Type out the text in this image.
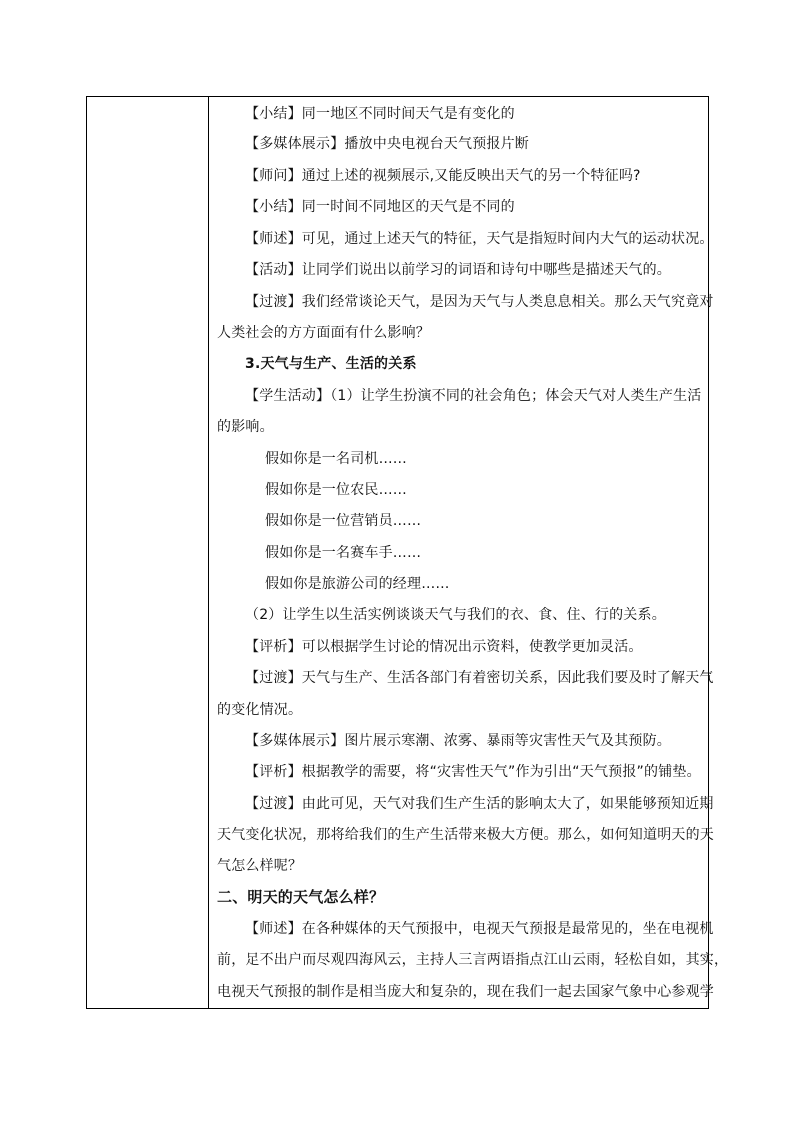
【小结】同一地区不同时间天气是有变化的
【多媒体展示】播放中央电视台天气预报片断
【师问】通过上述的视频展示,又能反映出天气的另一个特征吗?
【小结】同一时间不同地区的天气是不同的
【师述】可见，通过上述天气的特征，天气是指短时间内大气的运动状况。
【活动】让同学们说出以前学习的词语和诗句中哪些是描述天气的。
【过渡】我们经常谈论天气，是因为天气与人类息息相关。那么天气究竟对
人类社会的方方面面有什么影响？
3.天气与生产、生活的关系
【学生活动】（1）让学生扮演不同的社会角色；体会天气对人类生产生活
的影响。
假如你是一名司机……
假如你是一位农民……
假如你是一位营销员……
假如你是一名赛车手……
假如你是旅游公司的经理……
（2）让学生以生活实例谈谈天气与我们的衣、食、住、行的关系。
【评析】可以根据学生讨论的情况出示资料，使教学更加灵活。
【过渡】天气与生产、生活各部门有着密切关系，因此我们要及时了解天气
的变化情况。
【多媒体展示】图片展示寒潮、浓雾、暴雨等灾害性天气及其预防。
【评析】根据教学的需要，将“灾害性天气”作为引出“天气预报”的铺垫。
【过渡】由此可见，天气对我们生产生活的影响太大了，如果能够预知近期
天气变化状况，那将给我们的生产生活带来极大方便。那么，如何知道明天的天
气怎么样呢？
二、明天的天气怎么样？
【师述】在各种媒体的天气预报中，电视天气预报是最常见的，坐在电视机
前，足不出户而尽观四海风云，主持人三言两语指点江山云雨，轻松自如，其实，
电视天气预报的制作是相当庞大和复杂的，现在我们一起去国家气象中心参观学
